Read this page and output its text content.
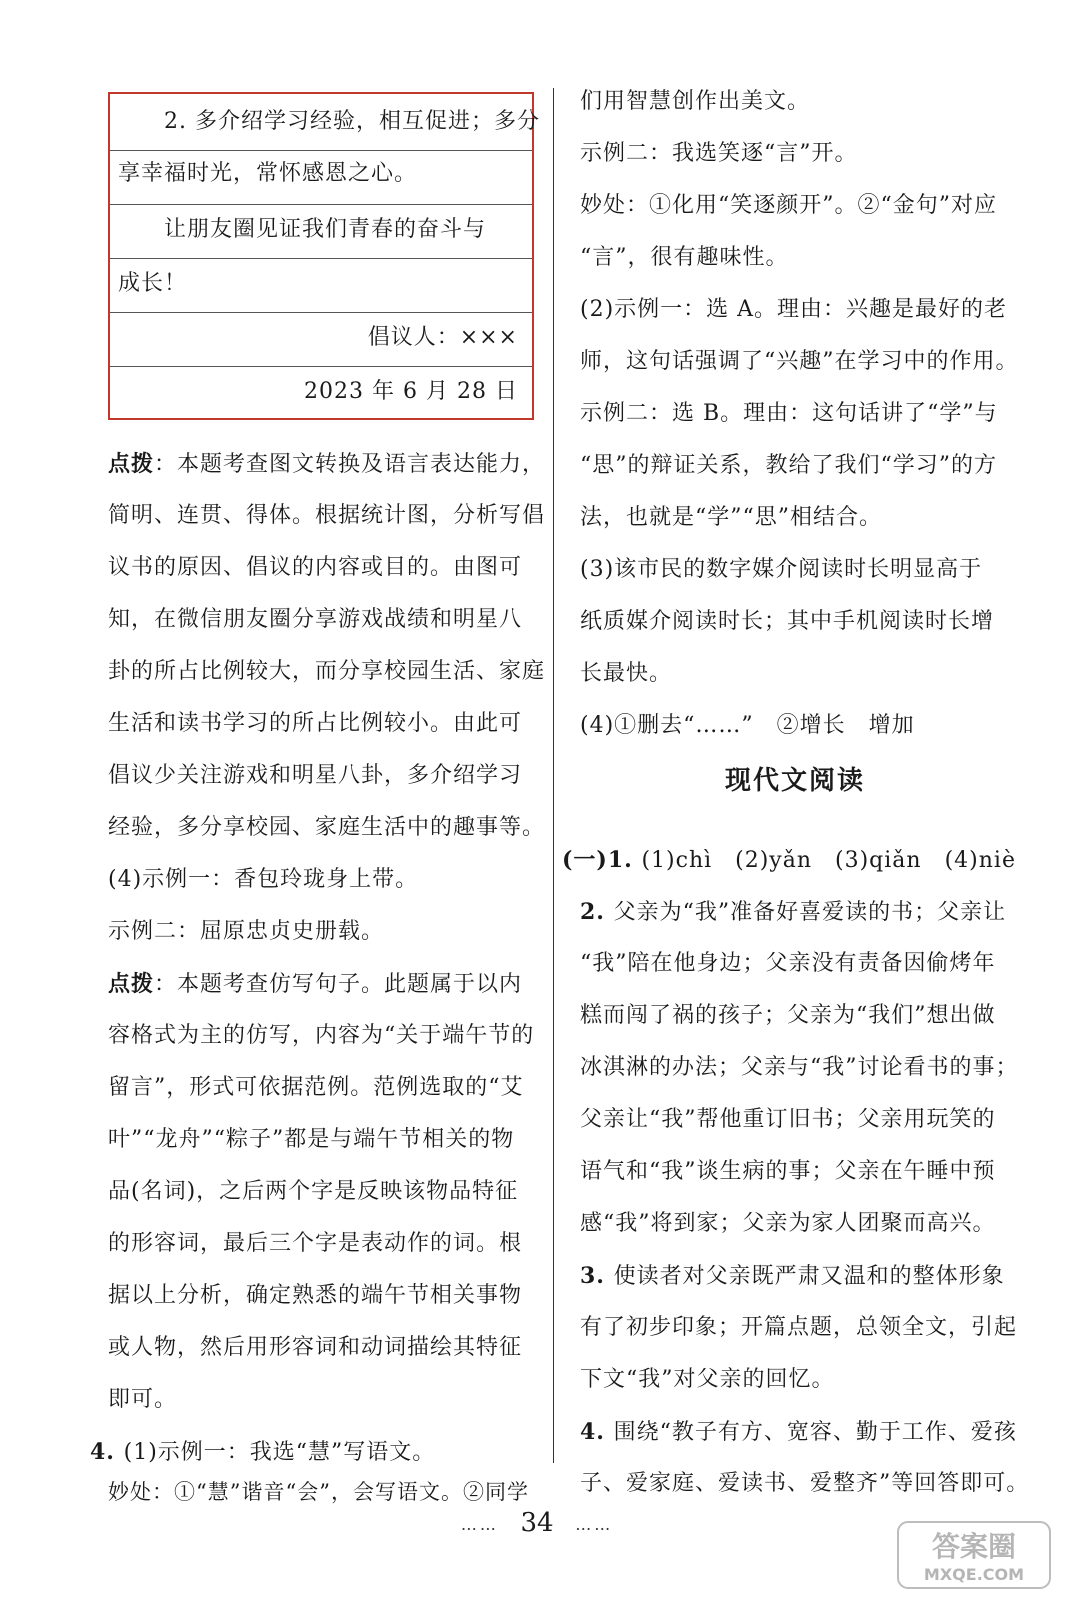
2. 多介绍学习经验，相互促进；多分
享幸福时光，常怀感恩之心。
让朋友圈见证我们青春的奋斗与
成长！
倡议人：×××
2023 年 6 月 28 日
点拨：本题考查图文转换及语言表达能力，
简明、连贯、得体。根据统计图，分析写倡
议书的原因、倡议的内容或目的。由图可
知，在微信朋友圈分享游戏战绩和明星八
卦的所占比例较大，而分享校园生活、家庭
生活和读书学习的所占比例较小。由此可
倡议少关注游戏和明星八卦，多介绍学习
经验，多分享校园、家庭生活中的趣事等。
(4)示例一：香包玲珑身上带。
示例二：屈原忠贞史册载。
点拨：本题考查仿写句子。此题属于以内
容格式为主的仿写，内容为“关于端午节的
留言”，形式可依据范例。范例选取的“艾
叶”“龙舟”“粽子”都是与端午节相关的物
品(名词)，之后两个字是反映该物品特征
的形容词，最后三个字是表动作的词。根
据以上分析，确定熟悉的端午节相关事物
或人物，然后用形容词和动词描绘其特征
即可。
4. (1)示例一：我选“慧”写语文。
妙处：①“慧”谐音“会”，会写语文。②同学
们用智慧创作出美文。
示例二：我选笑逐“言”开。
妙处：①化用“笑逐颜开”。②“金句”对应
“言”，很有趣味性。
(2)示例一：选 A。理由：兴趣是最好的老
师，这句话强调了“兴趣”在学习中的作用。
示例二：选 B。理由：这句话讲了“学”与
“思”的辩证关系，教给了我们“学习”的方
法，也就是“学”“思”相结合。
(3)该市民的数字媒介阅读时长明显高于
纸质媒介阅读时长；其中手机阅读时长增
长最快。
(4)①删去“……”　②增长　增加
现代文阅读
(一)1. (1)chì　(2)yǎn　(3)qiǎn　(4)niè
2. 父亲为“我”准备好喜爱读的书；父亲让
“我”陪在他身边；父亲没有责备因偷烤年
糕而闯了祸的孩子；父亲为“我们”想出做
冰淇淋的办法；父亲与“我”讨论看书的事；
父亲让“我”帮他重订旧书；父亲用玩笑的
语气和“我”谈生病的事；父亲在午睡中预
感“我”将到家；父亲为家人团聚而高兴。
3. 使读者对父亲既严肃又温和的整体形象
有了初步印象；开篇点题，总领全文，引起
下文“我”对父亲的回忆。
4. 围绕“教子有方、宽容、勤于工作、爱孩
子、爱家庭、爱读书、爱整齐”等回答即可。
…… 34 ……
答案圈
MXQE.COM
